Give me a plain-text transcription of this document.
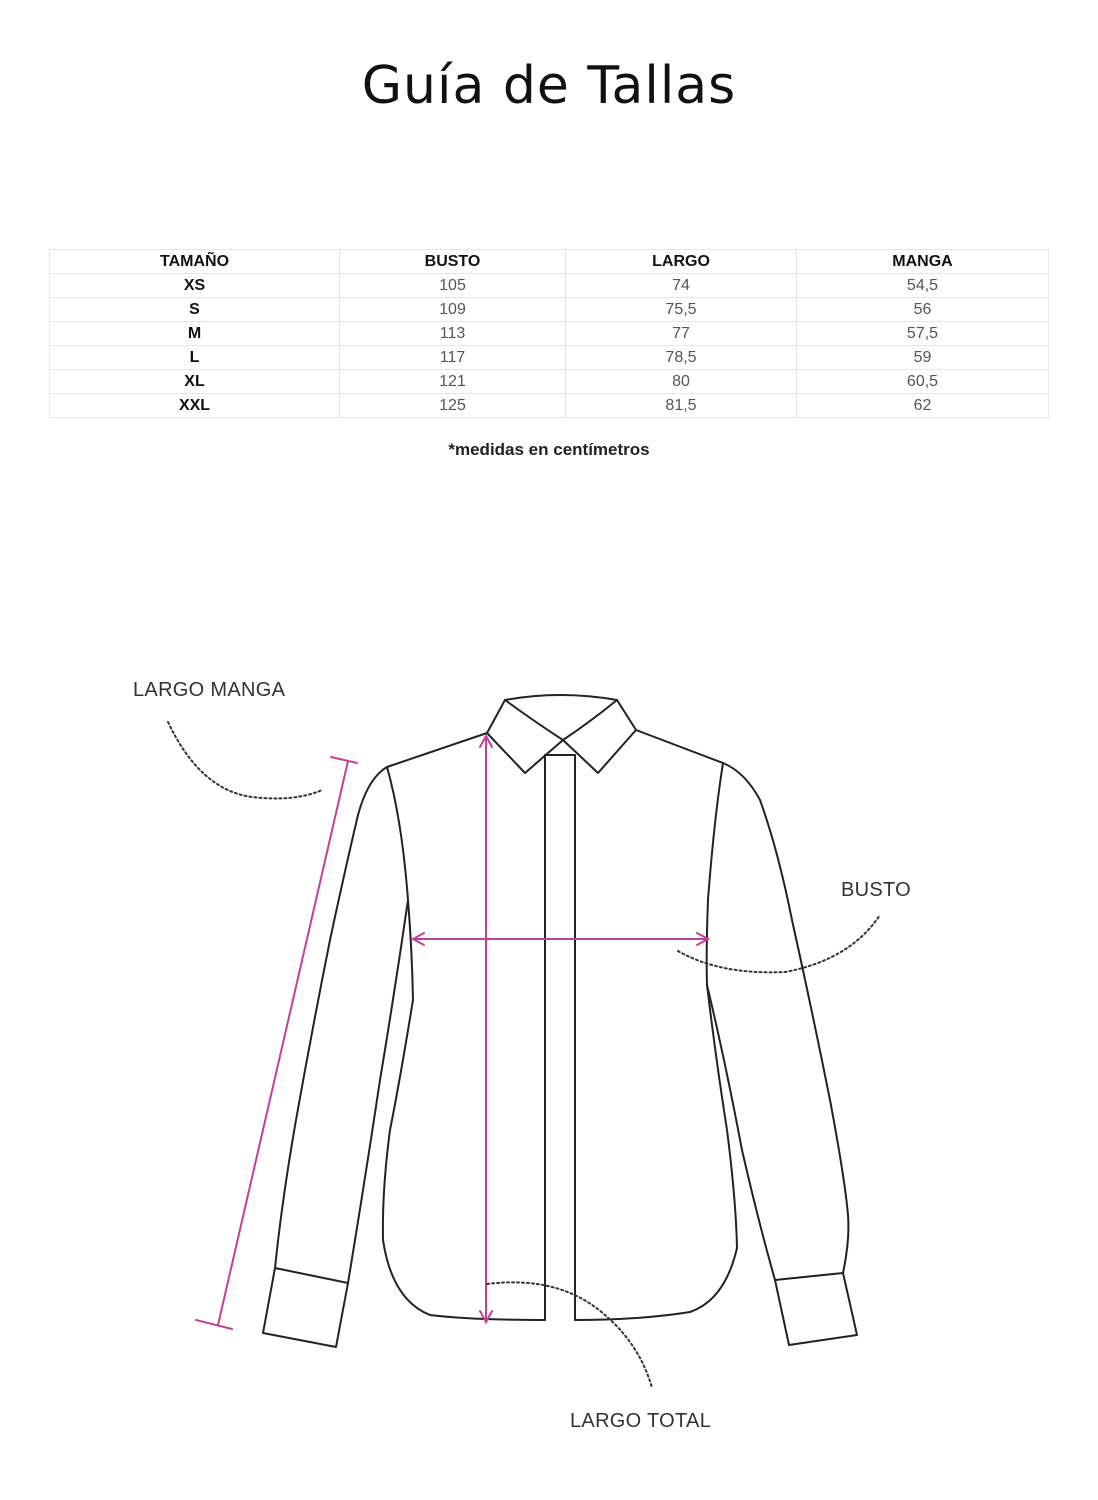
Guía de Tallas
TAMAÑO	BUSTO	LARGO	MANGA
XS	105	74	54,5
S	109	75,5	56
M	113	77	57,5
L	117	78,5	59
XL	121	80	60,5
XXL	125	81,5	62
*medidas en centímetros
LARGO MANGA
BUSTO
LARGO TOTAL
